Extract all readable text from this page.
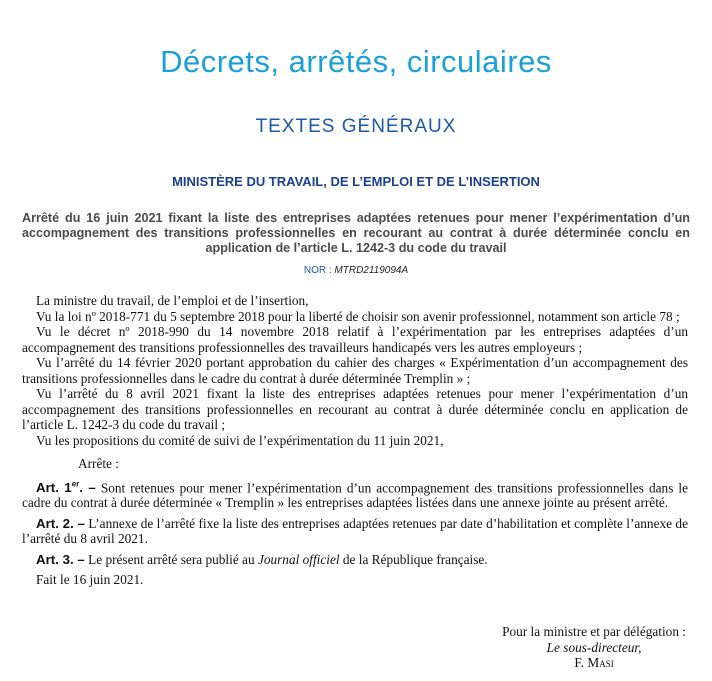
Décrets, arrêtés, circulaires
TEXTES GÉNÉRAUX
MINISTÈRE DU TRAVAIL, DE L’EMPLOI ET DE L’INSERTION
Arrêté du 16 juin 2021 fixant la liste des entreprises adaptées retenues pour mener l’expérimentation d’un accompagnement des transitions professionnelles en recourant au contrat à durée déterminée conclu en application de l’article L. 1242-3 du code du travail
NOR : MTRD2119094A

La ministre du travail, de l’emploi et de l’insertion,

Vu la loi nº 2018-771 du 5 septembre 2018 pour la liberté de choisir son avenir professionnel, notamment son article 78 ;

Vu le décret nº 2018-990 du 14 novembre 2018 relatif à l’expérimentation par les entreprises adaptées d’un accompagnement des transitions professionnelles des travailleurs handicapés vers les autres employeurs ;

Vu l’arrêté du 14 février 2020 portant approbation du cahier des charges « Expérimentation d’un accompagnement des transitions professionnelles dans le cadre du contrat à durée déterminée Tremplin » ;

Vu l’arrêté du 8 avril 2021 fixant la liste des entreprises adaptées retenues pour mener l’expérimentation d’un accompagnement des transitions professionnelles en recourant au contrat à durée déterminée conclu en application de l’article L. 1242-3 du code du travail ;

Vu les propositions du comité de suivi de l’expérimentation du 11 juin 2021,

Arrête :

Art. 1er. – Sont retenues pour mener l’expérimentation d’un accompagnement des transitions professionnelles dans le cadre du contrat à durée déterminée « Tremplin » les entreprises adaptées listées dans une annexe jointe au présent arrêté.

Art. 2. – L’annexe de l’arrêté fixe la liste des entreprises adaptées retenues par date d’habilitation et complète l’annexe de l’arrêté du 8 avril 2021.

Art. 3. – Le présent arrêté sera publié au Journal officiel de la République française.

Fait le 16 juin 2021.

Pour la ministre et par délégation :
Le sous-directeur,
F. Masi
